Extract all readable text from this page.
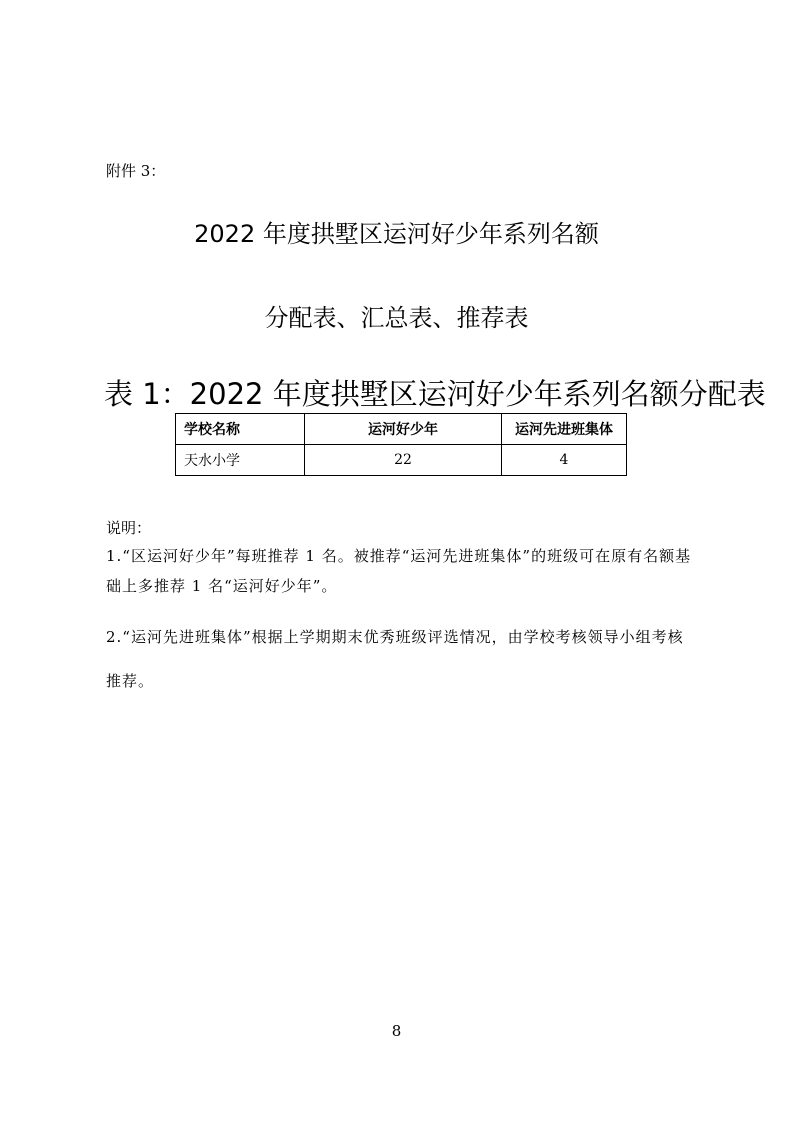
附件 3：
2022 年度拱墅区运河好少年系列名额
分配表、汇总表、推荐表
表 1：2022 年度拱墅区运河好少年系列名额分配表
学校名称	运河好少年	运河先进班集体
天水小学	22	4
说明：
1.“区运河好少年”每班推荐 1 名。被推荐“运河先进班集体”的班级可在原有名额基础上多推荐 1 名“运河好少年”。
2.“运河先进班集体”根据上学期期末优秀班级评选情况，由学校考核领导小组考核推荐。
8
